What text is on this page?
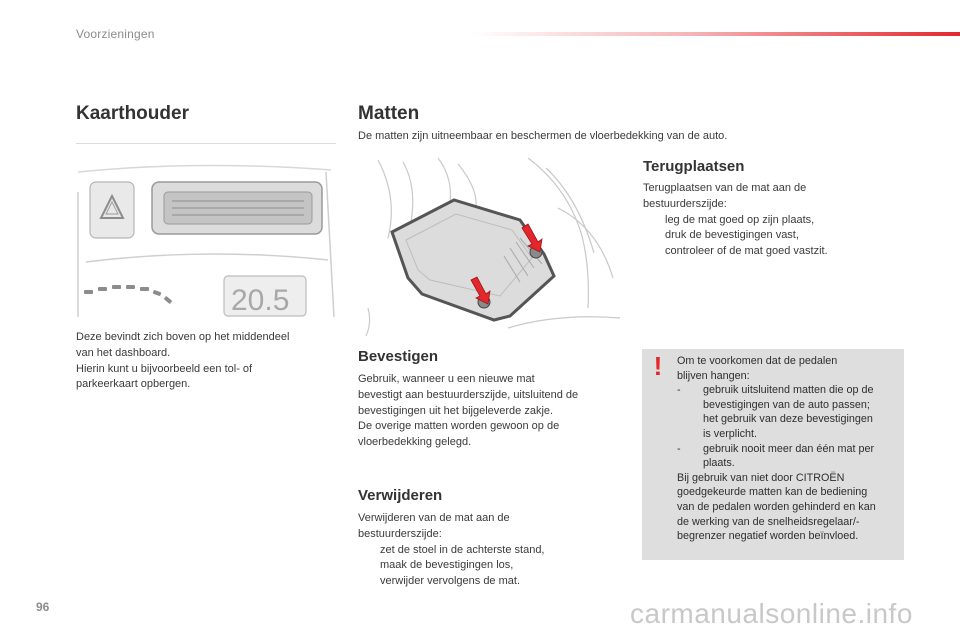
Voorzieningen
Kaarthouder
20.5
Deze bevindt zich boven op het middendeel
van het dashboard.
Hierin kunt u bijvoorbeeld een tol- of
parkeerkaart opbergen.
Matten
De matten zijn uitneembaar en beschermen de vloerbedekking van de auto.
Terugplaatsen
Terugplaatsen van de mat aan de
bestuurderszijde:
leg de mat goed op zijn plaats,
druk de bevestigingen vast,
controleer of de mat goed vastzit.
Bevestigen
Gebruik, wanneer u een nieuwe mat
bevestigt aan bestuurderszijde, uitsluitend de
bevestigingen uit het bijgeleverde zakje.
De overige matten worden gewoon op de
vloerbedekking gelegd.
Verwijderen
Verwijderen van de mat aan de
bestuurderszijde:
zet de stoel in de achterste stand,
maak de bevestigingen los,
verwijder vervolgens de mat.
!	Om te voorkomen dat de pedalen
blijven hangen:
- gebruik uitsluitend matten die op de
bevestigingen van de auto passen;
het gebruik van deze bevestigingen
is verplicht.
- gebruik nooit meer dan één mat per
plaats.
Bij gebruik van niet door CITROËN
goedgekeurde matten kan de bediening
van de pedalen worden gehinderd en kan
de werking van de snelheidsregelaar/-
begrenzer negatief worden beïnvloed.
96	carmanualsonline.info
